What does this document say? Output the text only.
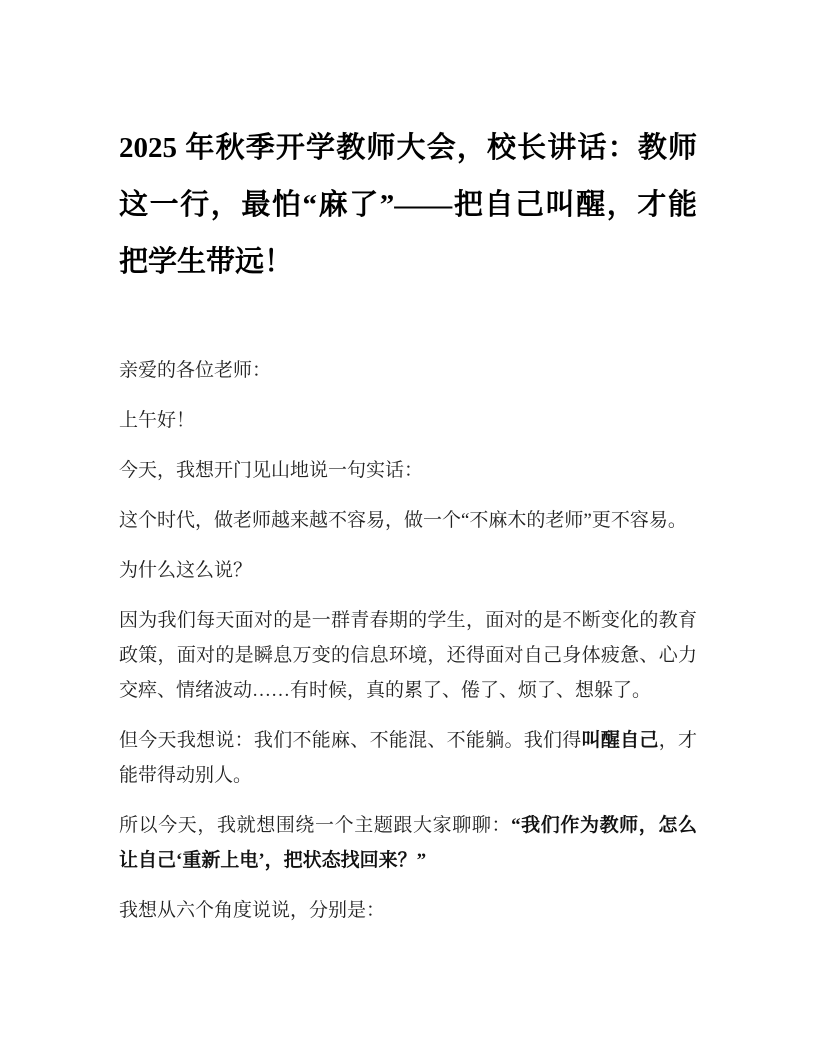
2025 年秋季开学教师大会，校长讲话：教师这一行，最怕“麻了”——把自己叫醒，才能把学生带远！

亲爱的各位老师：

上午好！

今天，我想开门见山地说一句实话：

这个时代，做老师越来越不容易，做一个“不麻木的老师”更不容易。

为什么这么说？

因为我们每天面对的是一群青春期的学生，面对的是不断变化的教育政策，面对的是瞬息万变的信息环境，还得面对自己身体疲惫、心力交瘁、情绪波动……有时候，真的累了、倦了、烦了、想躲了。

但今天我想说：我们不能麻、不能混、不能躺。我们得叫醒自己，才能带得动别人。

所以今天，我就想围绕一个主题跟大家聊聊：“我们作为教师，怎么让自己‘重新上电’，把状态找回来？”

我想从六个角度说说，分别是：
